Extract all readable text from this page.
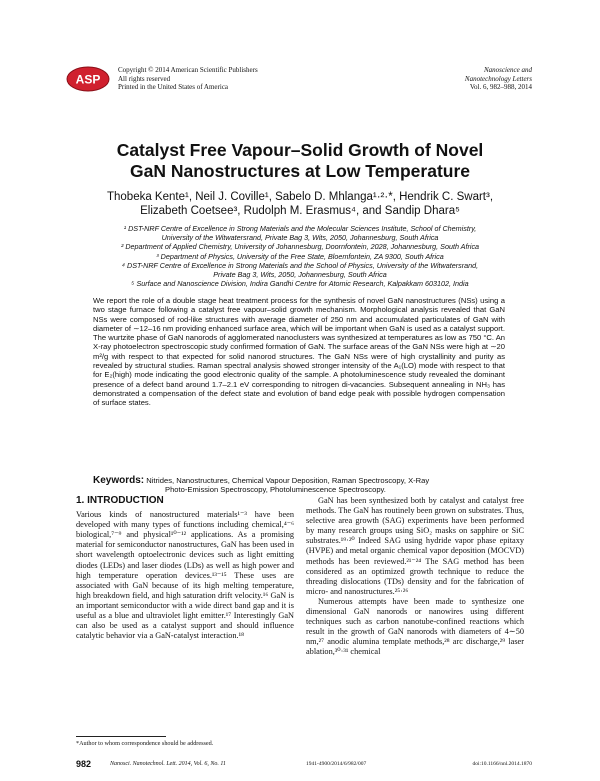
ASP
Copyright © 2014 American Scientific Publishers
All rights reserved
Printed in the United States of America
Nanoscience and
Nanotechnology Letters
Vol. 6, 982–988, 2014
Catalyst Free Vapour–Solid Growth of Novel
GaN Nanostructures at Low Temperature
Thobeka Kente¹, Neil J. Coville¹, Sabelo D. Mhlanga¹·²·*, Hendrik C. Swart³,
Elizabeth Coetsee³, Rudolph M. Erasmus⁴, and Sandip Dhara⁵
¹ DST-NRF Centre of Excellence in Strong Materials and the Molecular Sciences Institute, School of Chemistry,
University of the Witwatersrand, Private Bag 3, Wits, 2050, Johannesburg, South Africa
² Department of Applied Chemistry, University of Johannesburg, Doornfontein, 2028, Johannesburg, South Africa
³ Department of Physics, University of the Free State, Bloemfontein, ZA 9300, South Africa
⁴ DST-NRF Centre of Excellence in Strong Materials and the School of Physics, University of the Witwatersrand,
Private Bag 3, Wits, 2050, Johannesburg, South Africa
⁵ Surface and Nanoscience Division, Indira Gandhi Centre for Atomic Research, Kalpakkam 603102, India
We report the role of a double stage heat treatment process for the synthesis of novel GaN nanostructures (NSs) using a two stage furnace following a catalyst free vapour–solid growth mechanism. Morphological analysis revealed that GaN NSs were composed of rod-like structures with average diameter of 250 nm and accumulated particulates of GaN with diameter of ∼12–16 nm providing enhanced surface area, which will be important when GaN is used as a catalyst support. The wurtzite phase of GaN nanorods of agglomerated nanoclusters was synthesized at temperatures as low as 750 °C. An X-ray photoelectron spectroscopic study confirmed formation of GaN. The surface areas of the GaN NSs were high at ∼20 m²/g with respect to that expected for solid nanorod structures. The GaN NSs were of high crystallinity and purity as revealed by structural studies. Raman spectral analysis showed stronger intensity of the A₁(LO) mode with respect to that for E₂(high) mode indicating the good electronic quality of the sample. A photoluminescence study revealed the dominant presence of a defect band around 1.7–2.1 eV corresponding to nitrogen di-vacancies. Subsequent annealing in NH₃ has demonstrated a compensation of the defect state and evolution of band edge peak with possible hydrogen compensation of surface states.
Keywords: Nitrides, Nanostructures, Chemical Vapour Deposition, Raman Spectroscopy, X-Ray
Photo-Emission Spectroscopy, Photoluminescence Spectroscopy.
1. INTRODUCTION

Various kinds of nanostructured materials¹⁻³ have been developed with many types of functions including chemical,⁴⁻⁶ biological,⁷⁻⁹ and physical¹⁰⁻¹² applications. As a promising material for semiconductor nanostructures, GaN has been used in short wavelength optoelectronic devices such as light emitting diodes (LEDs) and laser diodes (LDs) as well as high power and high temperature operation devices.¹³⁻¹⁵ These uses are associated with GaN because of its high melting temperature, high breakdown field, and high saturation drift velocity.¹⁶ GaN is an important semiconductor with a wide direct band gap and it is useful as a blue and ultraviolet light emitter.¹⁷ Interestingly GaN can also be used as a catalyst support and should influence catalytic behavior via a GaN-catalyst interaction.¹⁸

GaN has been synthesized both by catalyst and catalyst free methods. The GaN has routinely been grown on substrates. Thus, selective area growth (SAG) experiments have been performed by many research groups using SiO₂ masks on sapphire or SiC substrates.¹⁹·²⁰ Indeed SAG using hydride vapor phase epitaxy (HVPE) and metal organic chemical vapor deposition (MOCVD) methods has been reviewed.²¹⁻²⁴ The SAG method has been considered as an optimized growth technique to reduce the threading dislocations (TDs) density and for the fabrication of micro- and nanostructures.²⁵·²⁶

Numerous attempts have been made to synthesize one dimensional GaN nanorods or nanowires using different techniques such as carbon nanotube-confined reactions which result in the growth of GaN nanorods with diameters of 4∼50 nm,²⁷ anodic alumina template methods,²⁸ arc discharge,²⁹ laser ablation,³⁰·³¹ chemical

*Author to whom correspondence should be addressed.
982	Nanosci. Nanotechnol. Lett. 2014, Vol. 6, No. 11	1941-4900/2014/6/982/007	doi:10.1166/nnl.2014.1870
